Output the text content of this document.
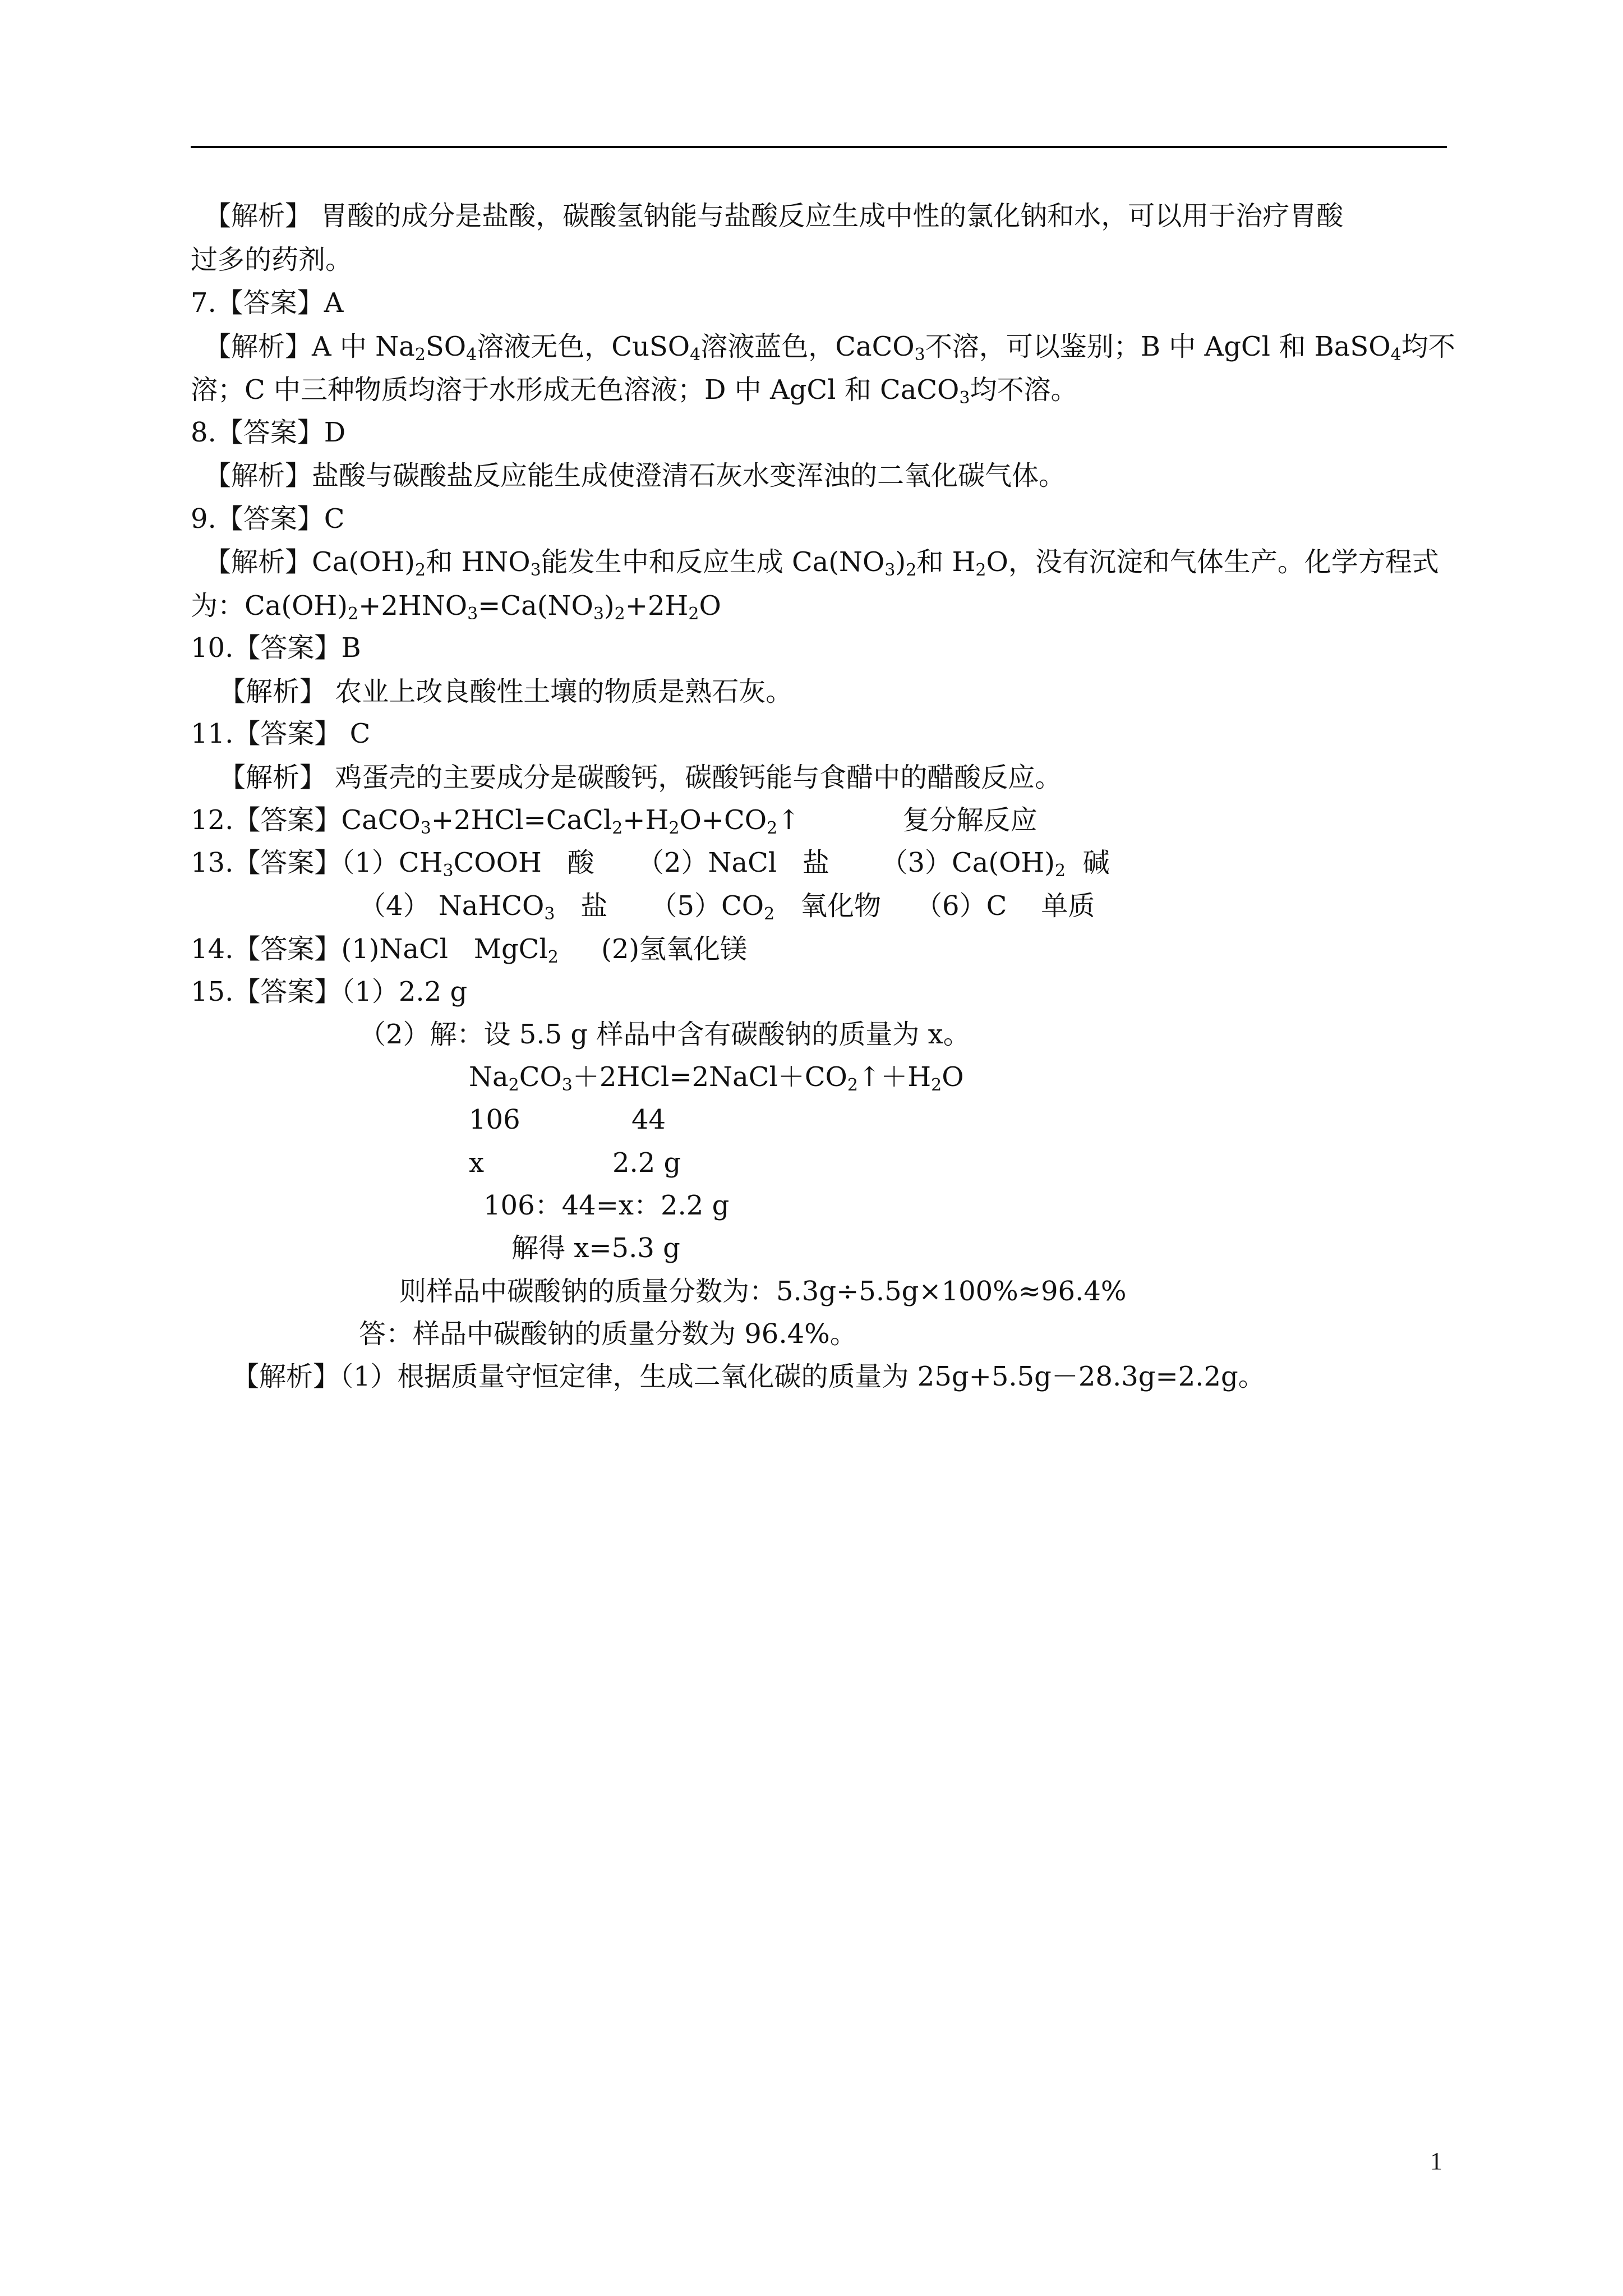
【解析】 胃酸的成分是盐酸，碳酸氢钠能与盐酸反应生成中性的氯化钠和水，可以用于治疗胃酸
过多的药剂。
7.【答案】A
【解析】A 中 $Na_2SO_4$溶液无色，CuSO$_4$溶液蓝色，CaCO$_3$不溶，可以鉴别；B 中 AgCl 和 BaSO$_4$均不
溶；C 中三种物质均溶于水形成无色溶液；D 中 AgCl 和 CaCO$_3$均不溶。
8.【答案】D
【解析】盐酸与碳酸盐反应能生成使澄清石灰水变浑浊的二氧化碳气体。
9.【答案】C
【解析】$Ca(OH)_2$和 $HNO_3$能发生中和反应生成 $Ca(NO_3)_2$和 $H_2O$，没有沉淀和气体生产。化学方程式
为：$Ca(OH)_2+2HNO_3=Ca(NO_3)_2+2H_2O$
10.【答案】B
【解析】 农业上改良酸性土壤的物质是熟石灰。
11.【答案】 C
【解析】 鸡蛋壳的主要成分是碳酸钙，碳酸钙能与食醋中的醋酸反应。
12.【答案】$CaCO_3+2HCl=CaCl_2+H_2O+CO_2↑$            复分解反应
13.【答案】$(1)CH_3COOH$   酸     （2）NaCl   盐      $(3)Ca(OH)_2$  碱
（4） NaHCO$_3$   盐     $(5)CO_2$   氧化物    （6）C    单质
14.【答案】(1)NaCl   MgCl$_2$     (2)氢氧化镁
15.【答案】（1）2.2 g
（2）解：设 5.5 g 样品中含有碳酸钠的质量为 x。
$Na_2CO_3+2HCl=2NaCl+CO_2↑+H_2O$
106             44
x               2.2 g
106：44=x：2.2 g
解得 x=5.3 g
则样品中碳酸钠的质量分数为：5.3g÷5.5g×100%≈96.4%
答：样品中碳酸钠的质量分数为 96.4%。
【解析】（1）根据质量守恒定律，生成二氧化碳的质量为 25g+5.5g－28.3g=2.2g。
1
